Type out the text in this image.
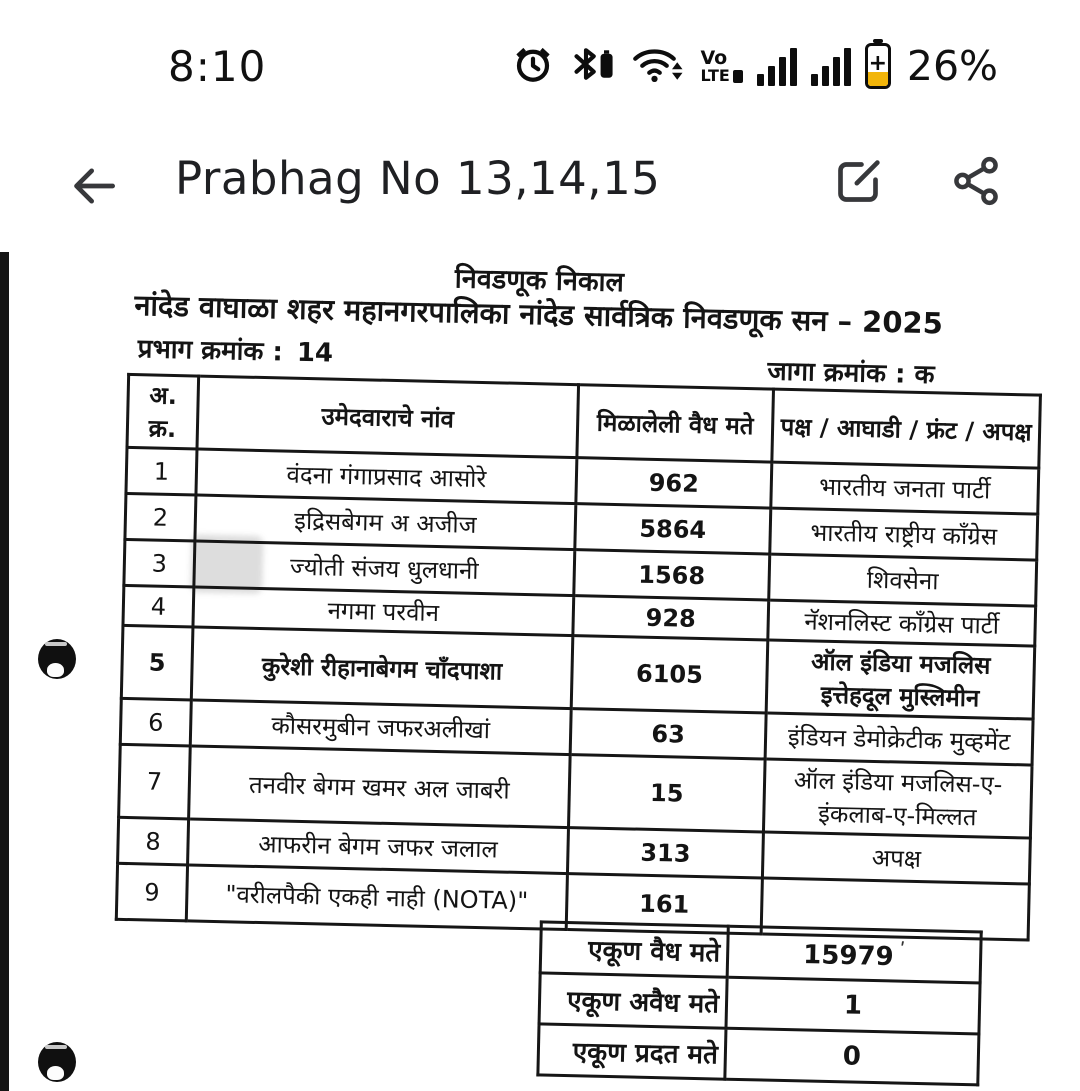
8:10	Vo
LTE	+ 26%
Prabhag No 13,14,15
निवडणूक निकाल
नांदेड वाघाळा शहर महानगरपालिका नांदेड सार्वत्रिक निवडणूक सन – 2025
प्रभाग क्रमांक : 14
जागा क्रमांक : क
अ. क्र.	उमेदवाराचे नांव	मिळालेली वैध मते	पक्ष / आघाडी / फ्रंट / अपक्ष
1	वंदना गंगाप्रसाद आसोरे	962	भारतीय जनता पार्टी
2	इद्रिसबेगम अ अजीज	5864	भारतीय राष्ट्रीय काँग्रेस
3	ज्योती संजय धुलधानी	1568	शिवसेना
4	नगमा परवीन	928	नॅशनलिस्ट काँग्रेस पार्टी
5	कुरेशी रीहानाबेगम चाँदपाशा	6105	ऑल इंडिया मजलिस इत्तेहदूल मुस्लिमीन
6	कौसरमुबीन जफरअलीखां	63	इंडियन डेमोक्रेटीक मुव्हमेंट
7	तनवीर बेगम खमर अल जाबरी	15	ऑल इंडिया मजलिस-ए-इंकलाब-ए-मिल्लत
8	आफरीन बेगम जफर जलाल	313	अपक्ष
9	"वरीलपैकी एकही नाही (NOTA)"	161	
एकूण वैध मते	15979 $^ʹ$
एकूण अवैध मते	1
एकूण प्रदत मते	0
